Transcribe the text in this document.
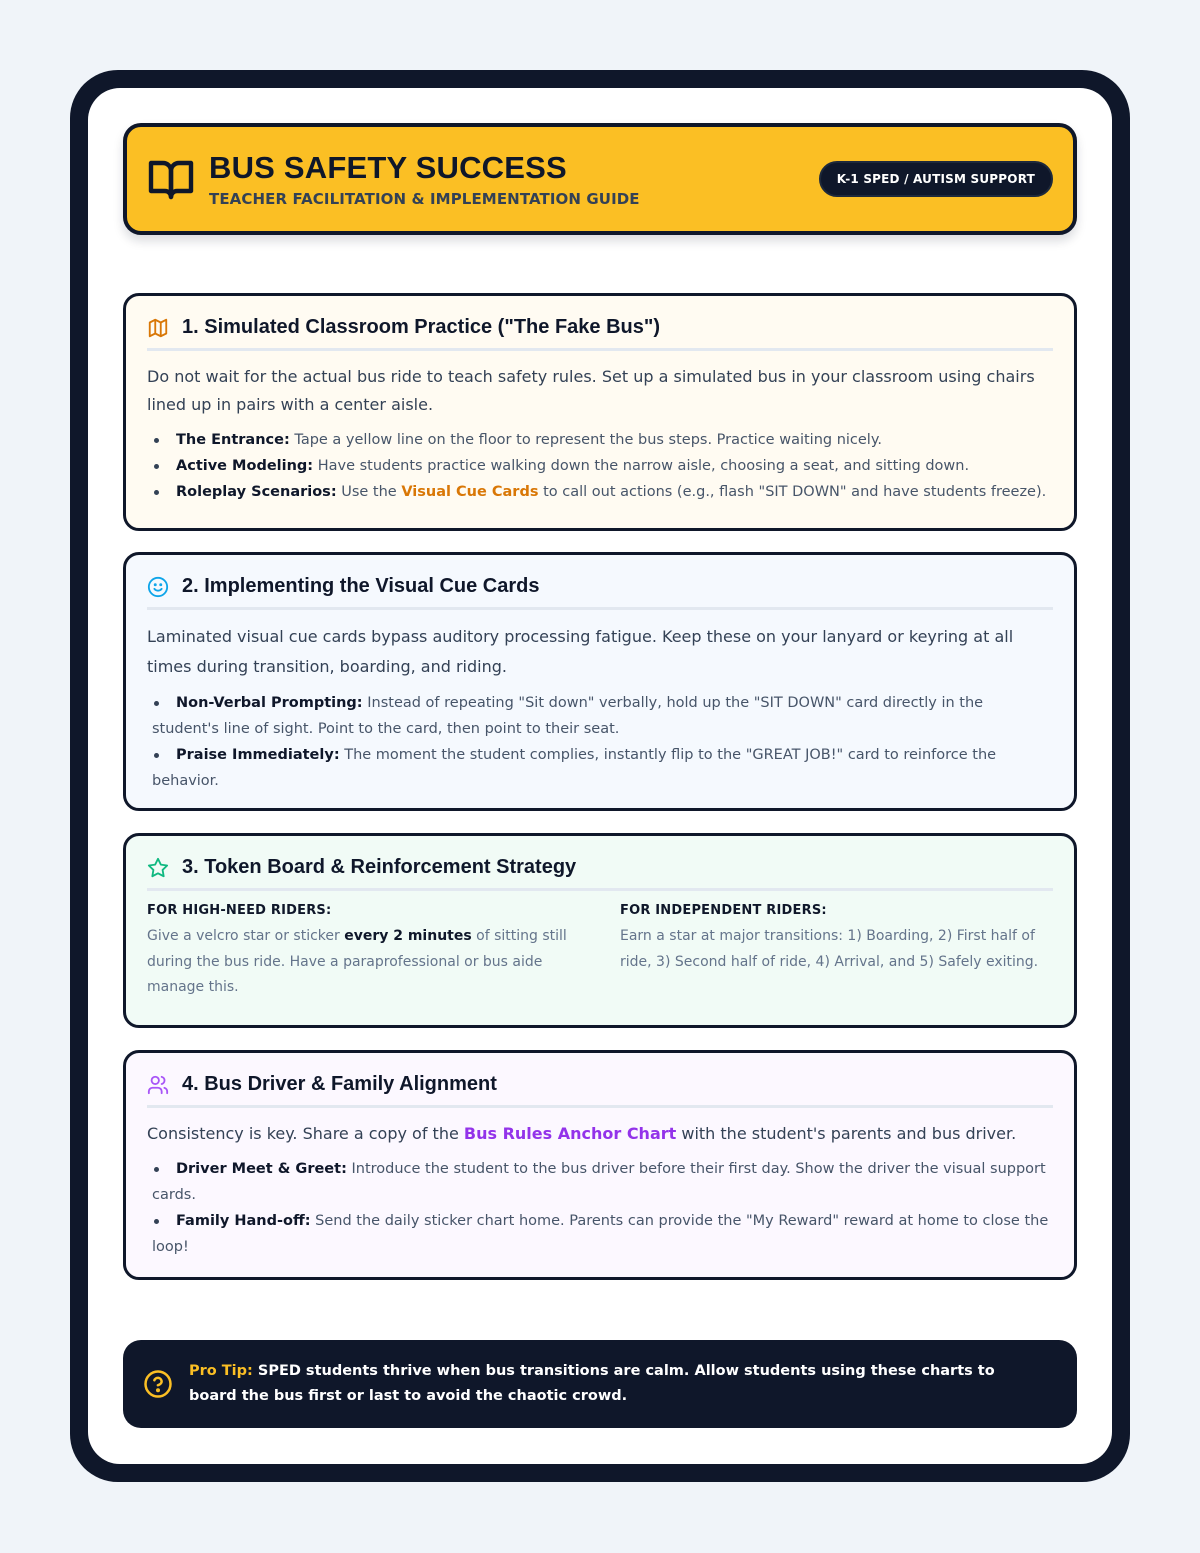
BUS SAFETY SUCCESS
TEACHER FACILITATION & IMPLEMENTATION GUIDE
K-1 SPED / AUTISM SUPPORT
1. Simulated Classroom Practice ("The Fake Bus")
Do not wait for the actual bus ride to teach safety rules. Set up a simulated bus in your classroom using chairs lined up in pairs with a center aisle.
The Entrance: Tape a yellow line on the floor to represent the bus steps. Practice waiting nicely.
Active Modeling: Have students practice walking down the narrow aisle, choosing a seat, and sitting down.
Roleplay Scenarios: Use the Visual Cue Cards to call out actions (e.g., flash "SIT DOWN" and have students freeze).
2. Implementing the Visual Cue Cards
Laminated visual cue cards bypass auditory processing fatigue. Keep these on your lanyard or keyring at all times during transition, boarding, and riding.
Non-Verbal Prompting: Instead of repeating "Sit down" verbally, hold up the "SIT DOWN" card directly in the student's line of sight. Point to the card, then point to their seat.
Praise Immediately: The moment the student complies, instantly flip to the "GREAT JOB!" card to reinforce the behavior.
3. Token Board & Reinforcement Strategy
FOR HIGH-NEED RIDERS:
Give a velcro star or sticker every 2 minutes of sitting still during the bus ride. Have a paraprofessional or bus aide manage this.
FOR INDEPENDENT RIDERS:
Earn a star at major transitions: 1) Boarding, 2) First half of ride, 3) Second half of ride, 4) Arrival, and 5) Safely exiting.
4. Bus Driver & Family Alignment
Consistency is key. Share a copy of the Bus Rules Anchor Chart with the student's parents and bus driver.
Driver Meet & Greet: Introduce the student to the bus driver before their first day. Show the driver the visual support cards.
Family Hand-off: Send the daily sticker chart home. Parents can provide the "My Reward" reward at home to close the loop!
Pro Tip: SPED students thrive when bus transitions are calm. Allow students using these charts to board the bus first or last to avoid the chaotic crowd.
